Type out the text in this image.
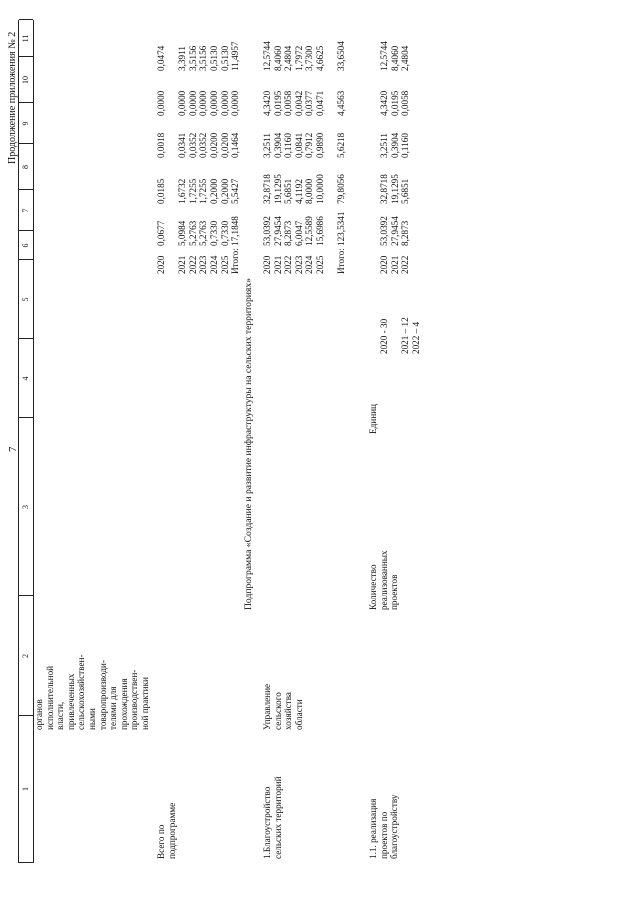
7
Продолжение приложения № 2
1
2
3
4
5
6
7
8
9
10
11
органов
исполнительной
власти,
привлеченных
сельскохозяйствен-
ными
товаропроизводи-
телями для
прохождения
производствен-
ной практики
Всего по
подпрограмме
2020

2021
2022
2023
2024
2025
Итого:
0,0677

5,0984
5,2763
5,2763
0,7330
0,7330
17,1848
0,0185

1,6732
1,7255
1,7255
0,2000
0,2000
5,5427
0,0018

0,0341
0,0352
0,0352
0,0200
0,0200
0,1464
0,0000

0,0000
0,0000
0,0000
0,0000
0,0000
0,0000
0,0474

3,3911
3,5156
3,5156
0,5130
0,5130
11,4957
Подпрограмма «Создание и развитие инфраструктуры на сельских территориях»
1.Благоустройство
сельских территорий
Управление
сельского
хозяйства
области
2020
2021
2022
2023
2024
2025

Итого:
53,0392
27,9454
8,2873
6,0047
12,5589
15,6986

123,5341
32,8718
19,1295
5,6851
4,1192
8,0000
10,0000

79,8056
3,2511
0,3904
0,1160
0,0841
0,7912
0,9890

5,6218
4,3420
0,0195
0,0058
0,0042
0,0377
0,0471

4,4563
12,5744
8,4060
2,4804
1,7972
3,7300
4,6625

33,6504
1.1. реализация
проектов по
благоустройству
Количество
реализованных
проектов
Единиц
2020 - 30

2021 – 12
2022 – 4
2020
2021
2022
53,0392
27,9454
8,2873
32,8718
19,1295
5,6851
3,2511
0,3904
0,1160
4,3420
0,0195
0,0058
12,5744
8,4060
2,4804
